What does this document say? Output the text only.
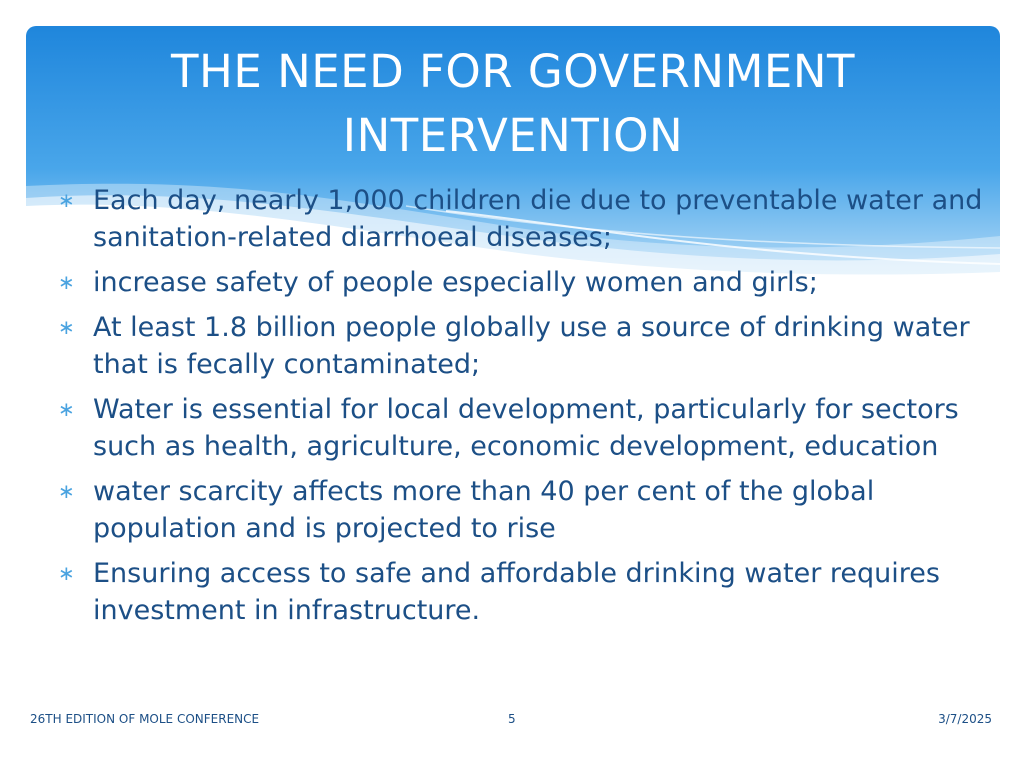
THE NEED FOR GOVERNMENT
INTERVENTION
∗ Each day, nearly 1,000 children die due to preventable water and sanitation-related diarrhoeal diseases;
∗ increase safety of people especially women and girls;
∗ At least 1.8 billion people globally use a source of drinking water that is fecally contaminated;
∗ Water is essential for local development, particularly for sectors such as health, agriculture, economic development, education
∗ water scarcity affects more than 40 per cent of the global population and is projected to rise
∗ Ensuring access to safe and affordable drinking water requires investment in infrastructure.
26TH EDITION OF MOLE CONFERENCE	5	3/7/2025
